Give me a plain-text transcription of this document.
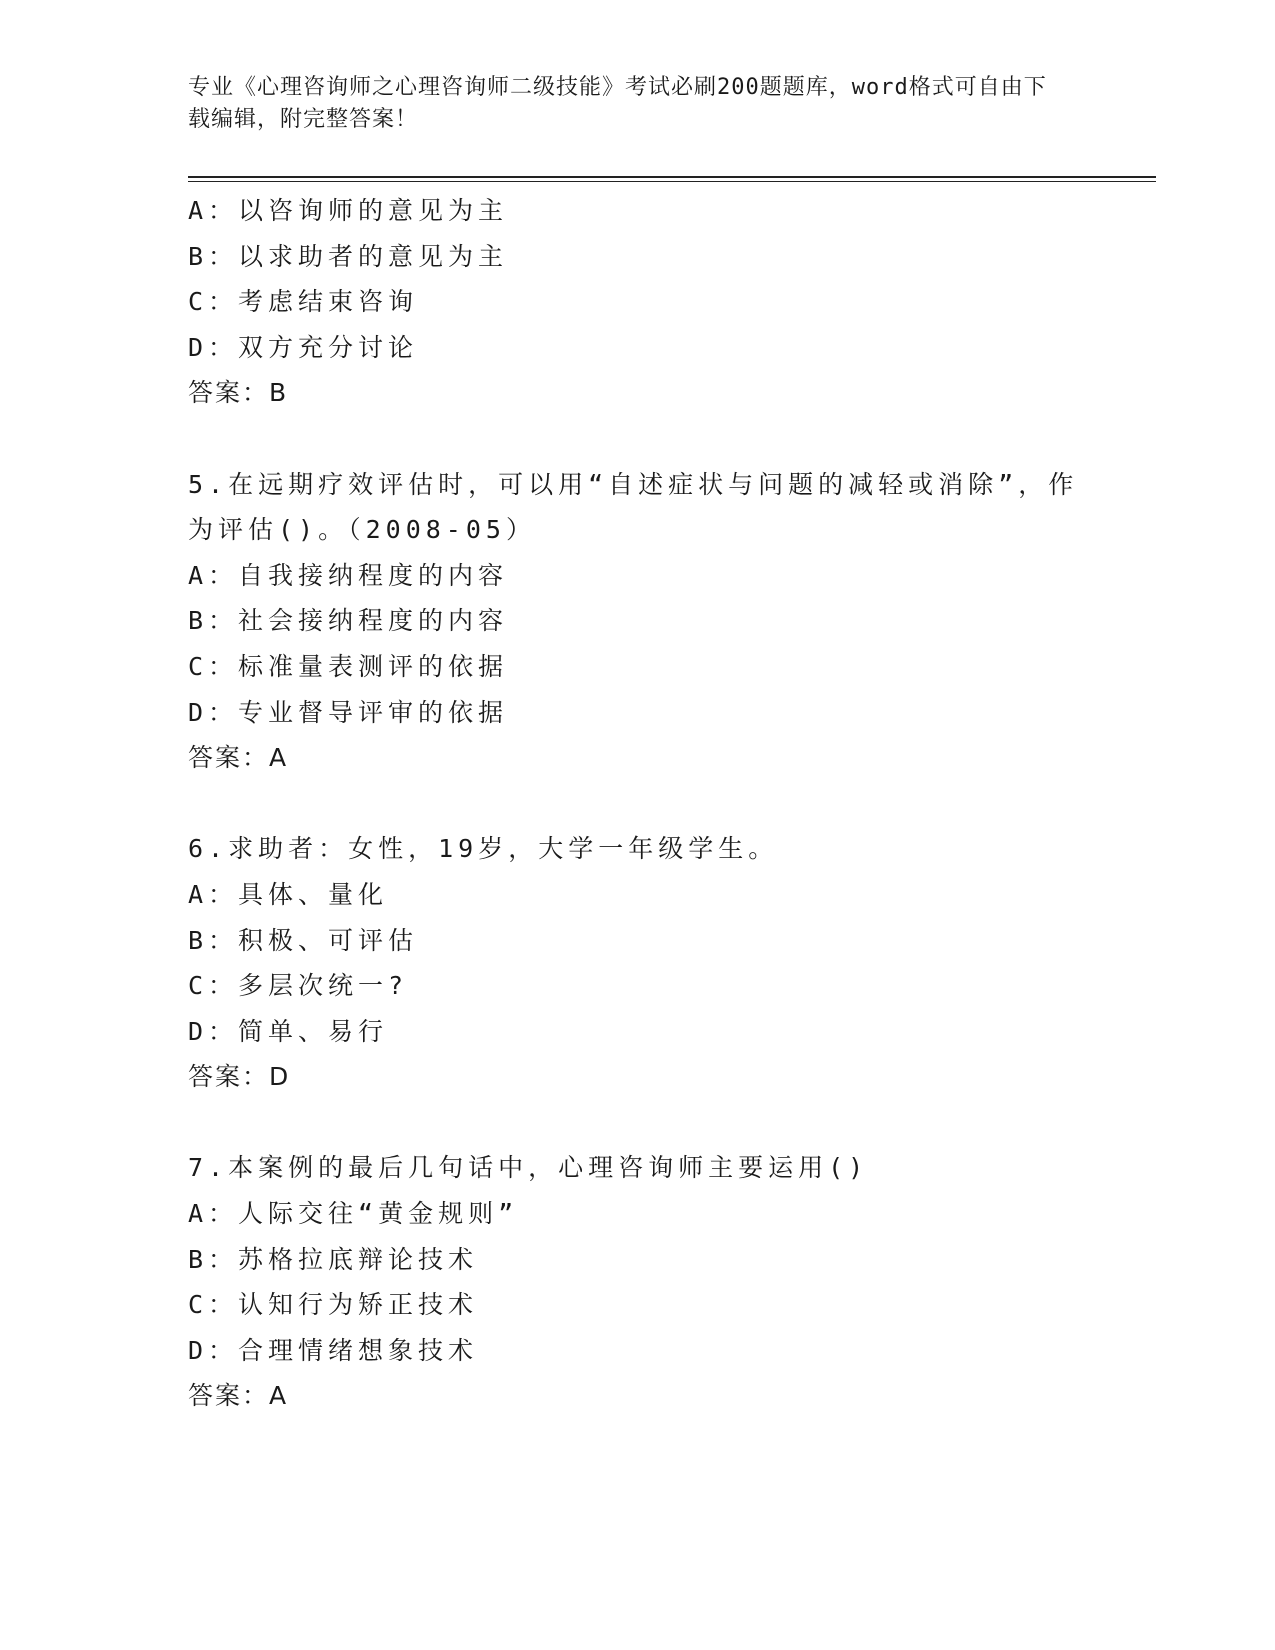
专业《心理咨询师之心理咨询师二级技能》考试必刷200题题库，word格式可自由下载编辑，附完整答案！
A：以咨询师的意见为主
B：以求助者的意见为主
C：考虑结束咨询
D：双方充分讨论
答案：B
5.在远期疗效评估时，可以用“自述症状与问题的减轻或消除”，作为评估()。（2008-05）
A：自我接纳程度的内容
B：社会接纳程度的内容
C：标准量表测评的依据
D：专业督导评审的依据
答案：A
6.求助者：女性，19岁，大学一年级学生。
A：具体、量化
B：积极、可评估
C：多层次统一?
D：简单、易行
答案：D
7.本案例的最后几句话中，心理咨询师主要运用()
A：人际交往“黄金规则”
B：苏格拉底辩论技术
C：认知行为矫正技术
D：合理情绪想象技术
答案：A
